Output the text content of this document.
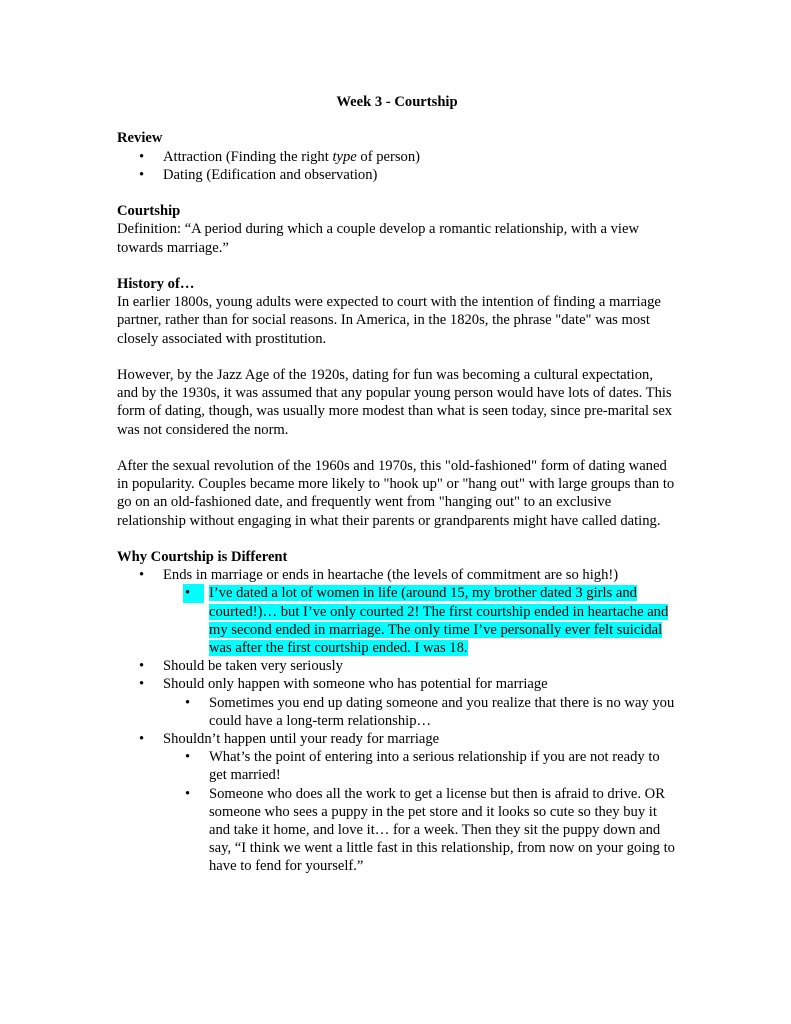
Week 3 - Courtship
Review
• Attraction (Finding the right type of person)
• Dating (Edification and observation)
Courtship

Definition: “A period during which a couple develop a romantic relationship, with a view towards marriage.”

History of…

In earlier 1800s, young adults were expected to court with the intention of finding a marriage partner, rather than for social reasons. In America, in the 1820s, the phrase "date" was most closely associated with prostitution.

However, by the Jazz Age of the 1920s, dating for fun was becoming a cultural expectation, and by the 1930s, it was assumed that any popular young person would have lots of dates. This form of dating, though, was usually more modest than what is seen today, since pre-marital sex was not considered the norm.

After the sexual revolution of the 1960s and 1970s, this "old-fashioned" form of dating waned in popularity. Couples became more likely to "hook up" or "hang out" with large groups than to go on an old-fashioned date, and frequently went from "hanging out" to an exclusive relationship without engaging in what their parents or grandparents might have called dating.

Why Courtship is Different
• Ends in marriage or ends in heartache (the levels of commitment are so high!)
•	I’ve dated a lot of women in life (around 15, my brother dated 3 girls and courted!)… but I’ve only courted 2! The first courtship ended in heartache and my second ended in marriage. The only time I’ve personally ever felt suicidal was after the first courtship ended. I was 18.
• Should be taken very seriously
• Should only happen with someone who has potential for marriage
• Sometimes you end up dating someone and you realize that there is no way you could have a long-term relationship…
• Shouldn’t happen until your ready for marriage
• What’s the point of entering into a serious relationship if you are not ready to get married!
• Someone who does all the work to get a license but then is afraid to drive. OR someone who sees a puppy in the pet store and it looks so cute so they buy it and take it home, and love it… for a week. Then they sit the puppy down and say, “I think we went a little fast in this relationship, from now on your going to have to fend for yourself.”
